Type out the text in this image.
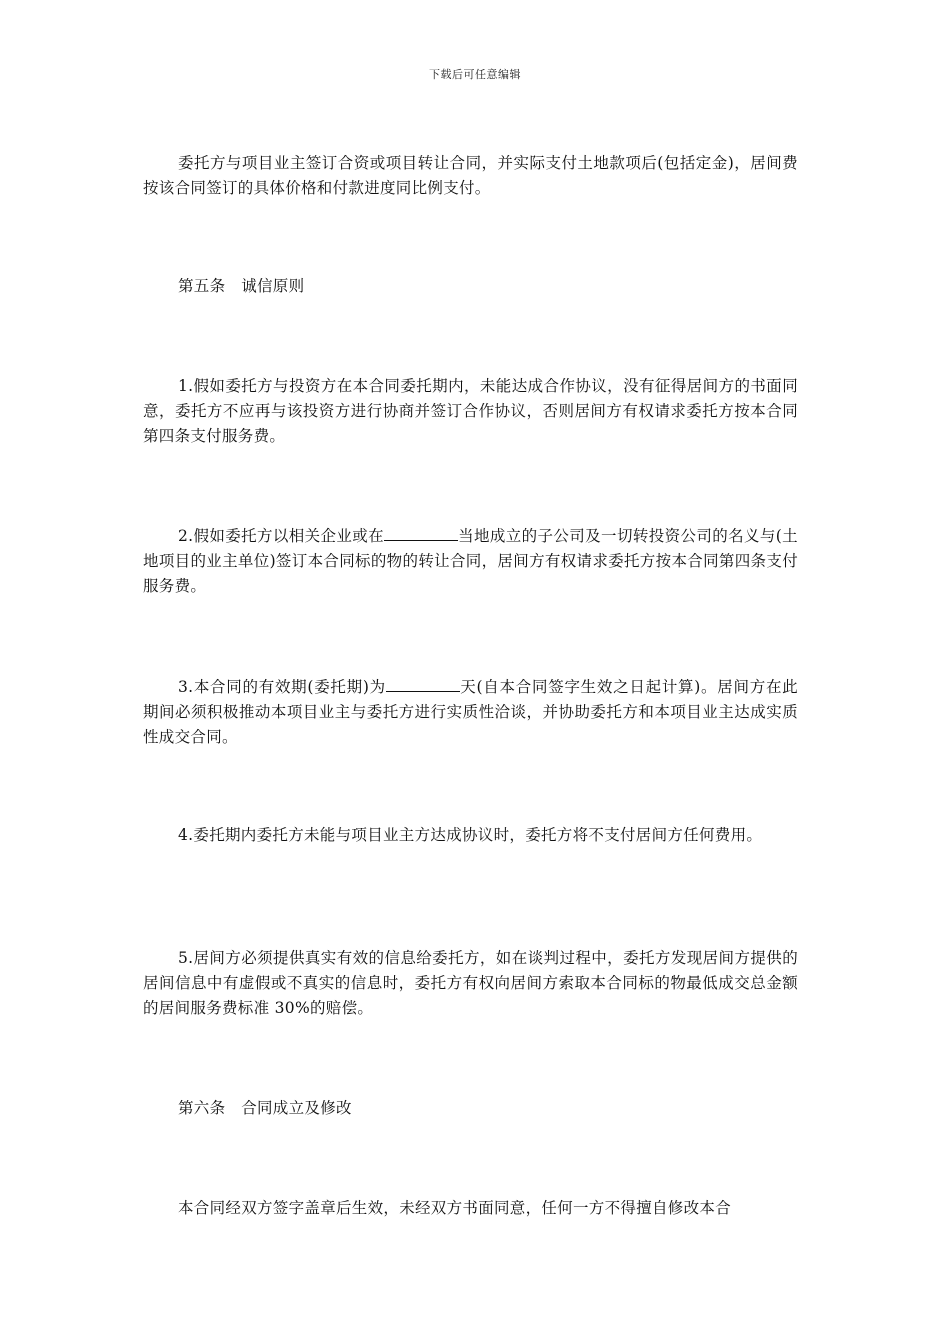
下载后可任意编辑

委托方与项目业主签订合资或项目转让合同，并实际支付土地款项后(包括定金)，居间费按该合同签订的具体价格和付款进度同比例支付。

第五条　诚信原则

1.假如委托方与投资方在本合同委托期内，未能达成合作协议，没有征得居间方的书面同意，委托方不应再与该投资方进行协商并签订合作协议，否则居间方有权请求委托方按本合同第四条支付服务费。

2.假如委托方以相关企业或在	当地成立的子公司及一切转投资公司的名义与(土地项目的业主单位)签订本合同标的物的转让合同，居间方有权请求委托方按本合同第四条支付服务费。

3.本合同的有效期(委托期)为	天(自本合同签字生效之日起计算)。居间方在此期间必须积极推动本项目业主与委托方进行实质性洽谈，并协助委托方和本项目业主达成实质性成交合同。

4.委托期内委托方未能与项目业主方达成协议时，委托方将不支付居间方任何费用。

5.居间方必须提供真实有效的信息给委托方，如在谈判过程中，委托方发现居间方提供的居间信息中有虚假或不真实的信息时，委托方有权向居间方索取本合同标的物最低成交总金额的居间服务费标准 30%的赔偿。

第六条　合同成立及修改

本合同经双方签字盖章后生效，未经双方书面同意，任何一方不得擅自修改本合
